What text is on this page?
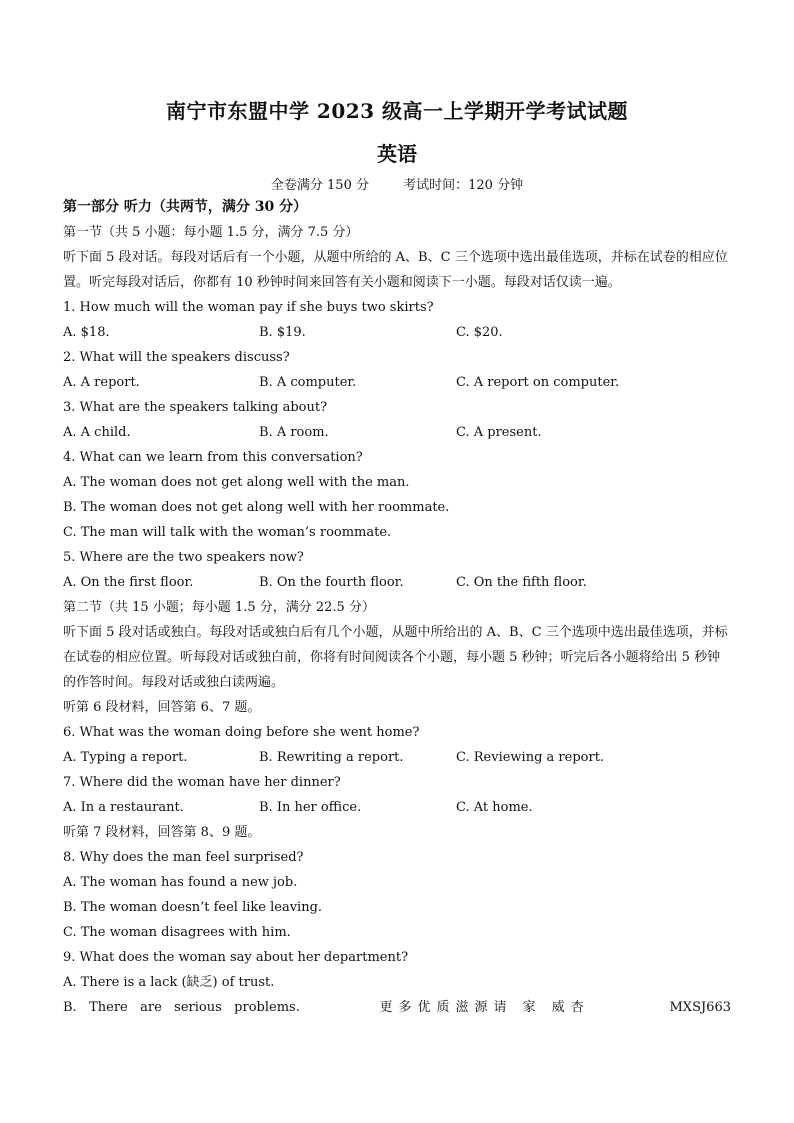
南宁市东盟中学 2023 级高一上学期开学考试试题
英语
全卷满分 150 分	考试时间：120 分钟
第一部分 听力（共两节，满分 30 分）
第一节（共 5 小题：每小题 1.5 分，满分 7.5 分）
听下面 5 段对话。每段对话后有一个小题，从题中所给的 A、B、C 三个选项中选出最佳选项，并标在试卷的相应位置。听完每段对话后，你都有 10 秒钟时间来回答有关小题和阅读下一小题。每段对话仅读一遍。
1. How much will the woman pay if she buys two skirts?
A. $18.	B. $19.	C. $20.
2. What will the speakers discuss?
A. A report.	B. A computer.	C. A report on computer.
3. What are the speakers talking about?
A. A child.	B. A room.	C. A present.
4. What can we learn from this conversation?
A. The woman does not get along well with the man.
B. The woman does not get along well with her roommate.
C. The man will talk with the woman’s roommate.
5. Where are the two speakers now?
A. On the first floor.	B. On the fourth floor.	C. On the fifth floor.
第二节（共 15 小题；每小题 1.5 分，满分 22.5 分）
听下面 5 段对话或独白。每段对话或独白后有几个小题，从题中所给出的 A、B、C 三个选项中选出最佳选项，并标在试卷的相应位置。听每段对话或独白前，你将有时间阅读各个小题，每小题 5 秒钟；听完后各小题将给出 5 秒钟的作答时间。每段对话或独白读两遍。
听第 6 段材料，回答第 6、7 题。
6. What was the woman doing before she went home?
A. Typing a report.	B. Rewriting a report.	C. Reviewing a report.
7. Where did the woman have her dinner?
A. In a restaurant.	B. In her office.	C. At home.
听第 7 段材料，回答第 8、9 题。
8. Why does the man feel surprised?
A. The woman has found a new job.
B. The woman doesn’t feel like leaving.
C. The woman disagrees with him.
9. What does the woman say about her department?
A. There is a lack (缺乏) of trust.
B.   There   are   serious   problems.	更多优质滋源请 家 威杏	MXSJ663
